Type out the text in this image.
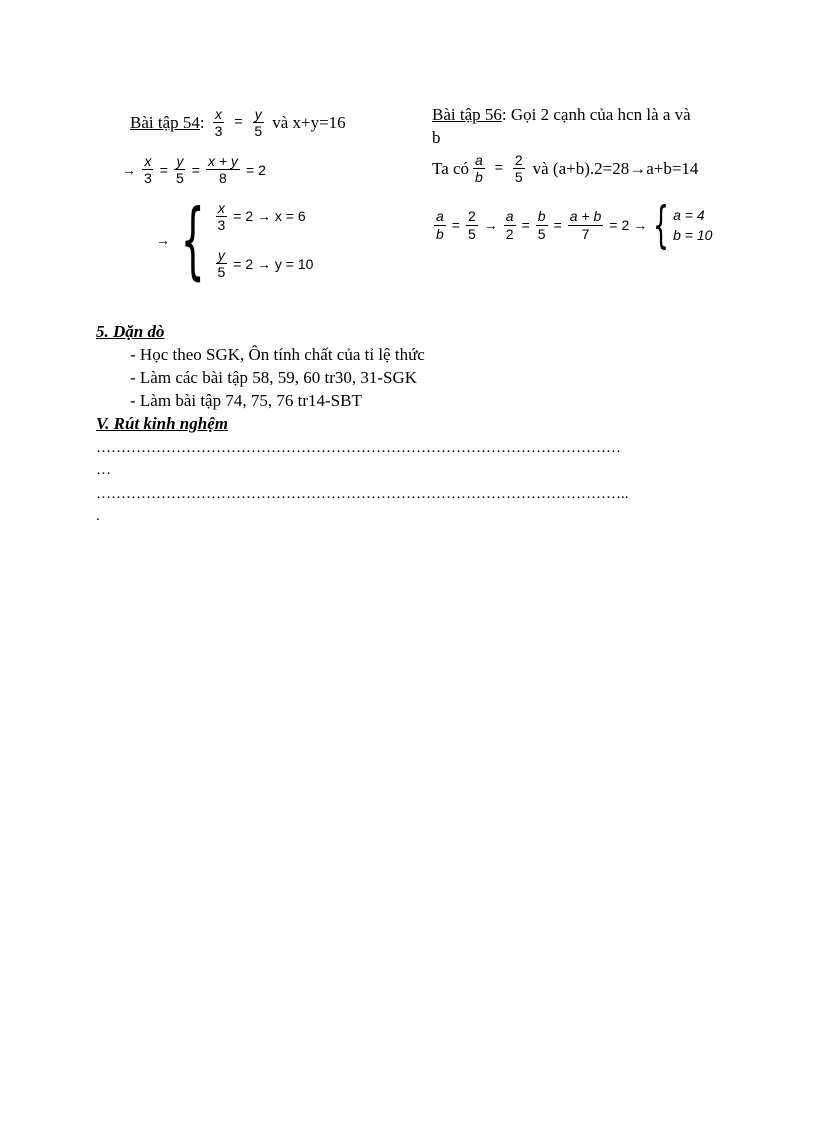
Bài tập 54 : $\frac{x}{3} = \frac{y}{5}$ và x+y=16
→ $\frac{x}{3} = \frac{y}{5} = \frac{x + y}{8} = 2$
→ { $\frac{x}{3} = 2 \to x = 6$
$\frac{y}{5} = 2 \to y = 10$
Bài tập 56: Gọi 2 cạnh của hcn là a và
b
Ta có $\frac{a}{b} = \frac{2}{5}$ và (a+b).2=28→a+b=14
$\frac{a}{b} = \frac{2}{5} \to \frac{a}{2} = \frac{b}{5} = \frac{a + b}{7} = 2$ → { a = 4
b = 10
5. Dặn dò
- Học theo SGK, Ôn tính chất của tỉ lệ thức
- Làm các bài tập 58, 59, 60 tr30, 31-SGK
- Làm bài tập 74, 75, 76 tr14-SBT
V. Rút kinh nghệm
……………………………………………………………………………………………
…
……………………………………………………………………………………………..
.
